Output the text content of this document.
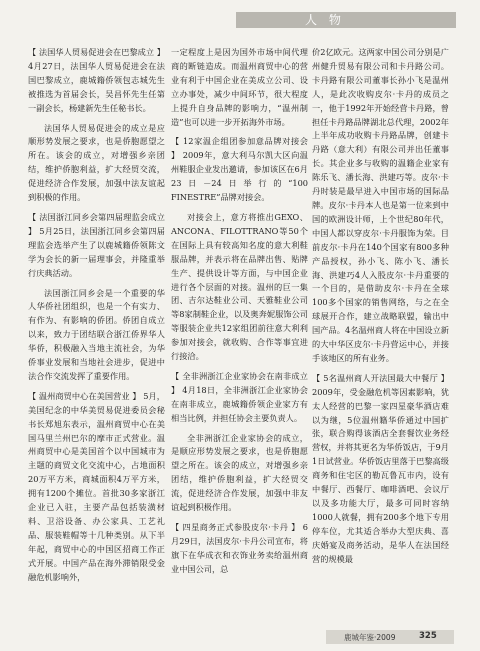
人 物

【 法国华人贸易促进会在巴黎成立 】 4月27日，法国华人贸易促进会在法国巴黎成立，鹿城籍侨领包志城先生被推选为首届会长，吴昌怀先生任第一副会长，杨建新先生任秘书长。

法国华人贸易促进会的成立是应顺形势发展之要求，也是侨胞愿望之所在。该会的成立，对增强乡亲团结，维护侨胞利益，扩大经贸交流，促进经济合作发展，加强中法友谊起到积极的作用。

【 法国浙江同乡会第四届理监会成立 】 5月25日，法国浙江同乡会第四届理监会选举产生了以鹿城籍侨领陈文学为会长的新一届理事会，并隆重举行庆典活动。

法国浙江同乡会是一个重要的华人华侨社团组织，也是一个有实力、有作为、有影响的侨团。侨团自成立以来，致力于团结联合浙江侨界华人华侨，积极融入当地主流社会，为华侨事业发展和当地社会进步，促进中法合作交流发挥了重要作用。

【 温州商贸中心在美国营业 】 5月，美国纪念的中华美贸易促进委员会秘书长郑旭东表示，温州商贸中心在美国马里兰州巴尔的摩市正式营业。温州商贸中心是美国首个以中国城市为主题的商贸文化交流中心，占地面积20万平方米，商城面积4万平方米，拥有1200个摊位。首批30多家浙江企业已入驻，主要产品包括装潢材料、卫浴设备、办公家具、工艺礼品、服装鞋帽等十几种类别。从下半年起，商贸中心的中国区招商工作正式开展。中国产品在海外滞销限受金融危机影响外，

一定程度上是因为国外市场中间代理商的断链造成。而温州商贸中心的营业有利于中国企业在美成立公司、设立办事处，减少中间环节，很大程度上提升自身品牌的影响力，“温州制造”也可以进一步开拓海外市场。

【 12家温企组团参加意品牌对接会 】 2009年，意大利马尔凯大区向温州鞋服企业发出邀请，参加该区在6月23日－24日举行的“100 FINESTRE”品牌对接会。

对接会上，意方将推出GEXO、ANCONA、FILOTTRANO等50个在国际上具有较高知名度的意大利鞋服品牌，并表示将在品牌出售、贴牌生产、提供设计等方面，与中国企业进行各个层面的对接。温州的巨一集团、吉尔达鞋业公司、天雅鞋业公司等8家制鞋企业，以及奥奔妮服饰公司等服装企业共12家组团前往意大利利参加对接会，就收购、合作等事宜进行接洽。

【 全非洲浙江企业家协会在南非成立 】 4月18日，全非洲浙江企业家协会在南非成立，鹿城籍侨领企业家方有相当比例，并担任协会主要负责人。

全非洲浙江企业家协会的成立，是顺应形势发展之要求，也是侨胞愿望之所在。该会的成立，对增强乡亲团结，维护侨胞利益，扩大经贸交流，促进经济合作发展，加强中非友谊起到积极作用。

【 四星商务正式参股皮尔·卡丹 】 6月29日，法国皮尔·卡丹公司宣布，将旗下在华成衣和衣饰业务卖给温州商业中国公司，总

价2亿欧元。这两家中国公司分别是广州健升贸易有限公司和卡丹路公司。卡丹路有限公司董事长孙小飞是温州人，是此次收购皮尔·卡丹的成员之一，他于1992年开始经营卡丹路，曾担任卡丹路品牌湖北总代理，2002年上半年成功收购卡丹路品牌，创建卡丹路（意大利）有限公司并出任董事长。其企业多与收购的温籍企业家有陈乐飞、潘长海、洪建巧等。皮尔·卡丹时装是最早进入中国市场的国际品牌。皮尔·卡丹本人也是第一位来到中国的欧洲设计师，上个世纪80年代，中国人都以穿皮尔·卡丹服饰为荣。目前皮尔·卡丹在140个国家有800多种产品授权，孙小飞、陈小飞、潘长海、洪建巧4人入股皮尔·卡丹重要的一个目的，是借助皮尔·卡丹在全球100多个国家的销售网络，与之在全球展开合作，建立战略联盟，输出中国产品。4名温州商人将在中国设立新的大中华区皮尔·卡丹营运中心，并接手该地区的所有业务。

【 5名温州商人开法国最大中餐厅 】 2009年，受金融危机等因素影响，犹太人经营的巴黎一家四星豪华酒店难以为继，5位温州籍华侨通过中国扩张，联合购得该酒店全套餐饮业务经营权，并将其更名为华侨饭店，于9月1日试营业。华侨饭店里落于巴黎高级商务和住宅区的勒瓦鲁瓦市内，设有中餐厅、西餐厅、咖啡酒吧、会议厅以及多功能大厅，最多可同时容纳1000人就餐，拥有200多个地下专用停车位，尤其适合举办大型庆典、喜庆婚宴及商务活动，是华人在法国经营的规模最

鹿城年鉴·2009	325
